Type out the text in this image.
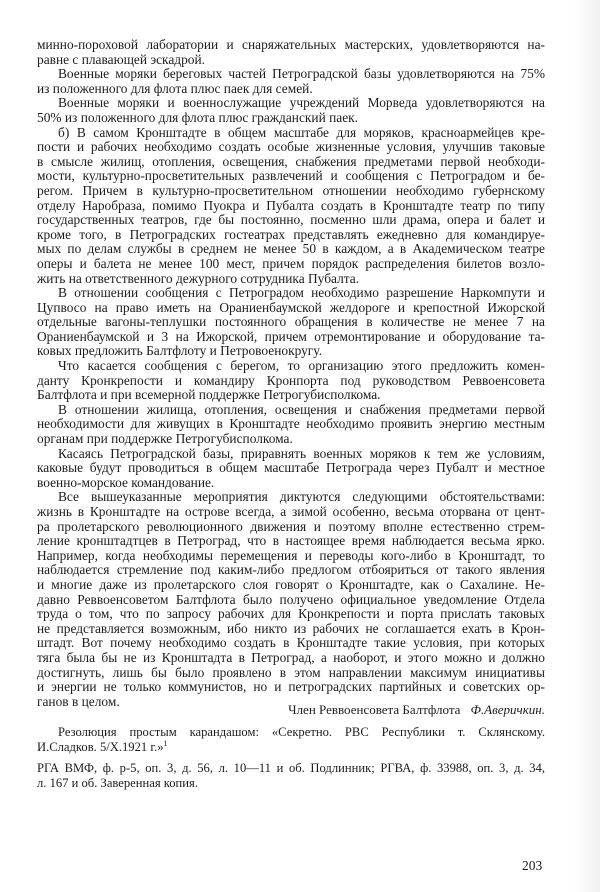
минно-пороховой лаборатории и снаряжательных мастерских, удовлетворяются на-
равне с плавающей эскадрой.
Военные моряки береговых частей Петроградской базы удовлетворяются на 75%
из положенного для флота плюс паек для семей.
Военные моряки и военнослужащие учреждений Морведа удовлетворяются на
50% из положенного для флота плюс гражданский паек.
б) В самом Кронштадте в общем масштабе для моряков, красноармейцев кре-
пости и рабочих необходимо создать особые жизненные условия, улучшив таковые
в смысле жилищ, отопления, освещения, снабжения предметами первой необходи-
мости, культурно-просветительных развлечений и сообщения с Петроградом и бе-
регом. Причем в культурно-просветительном отношении необходимо губернскому
отделу Наробраза, помимо Пуокра и Пубалта создать в Кронштадте театр по типу
государственных театров, где бы постоянно, посменно шли драма, опера и балет и
кроме того, в Петроградских гостеатрах представлять ежедневно для командируе-
мых по делам службы в среднем не менее 50 в каждом, а в Академическом театре
оперы и балета не менее 100 мест, причем порядок распределения билетов возло-
жить на ответственного дежурного сотрудника Пубалта.
В отношении сообщения с Петроградом необходимо разрешение Наркомпути и
Цупвосо на право иметь на Ораниенбаумской желдороге и крепостной Ижорской
отдельные вагоны-теплушки постоянного обращения в количестве не менее 7 на
Ораниенбаумской и 3 на Ижорской, причем отремонтирование и оборудование та-
ковых предложить Балтфлоту и Петровоенокругу.
Что касается сообщения с берегом, то организацию этого предложить комен-
данту Кронкрепости и командиру Кронпорта под руководством Реввоенсовета
Балтфлота и при всемерной поддержке Петрогубисполкома.
В отношении жилища, отопления, освещения и снабжения предметами первой
необходимости для живущих в Кронштадте необходимо проявить энергию местным
органам при поддержке Петрогубисполкома.
Касаясь Петроградской базы, приравнять военных моряков к тем же условиям,
каковые будут проводиться в общем масштабе Петрограда через Пубалт и местное
военно-морское командование.
Все вышеуказанные мероприятия диктуются следующими обстоятельствами:
жизнь в Кронштадте на острове всегда, а зимой особенно, весьма оторвана от цент-
ра пролетарского революционного движения и поэтому вполне естественно стрем-
ление кронштадтцев в Петроград, что в настоящее время наблюдается весьма ярко.
Например, когда необходимы перемещения и переводы кого-либо в Кронштадт, то
наблюдается стремление под каким-либо предлогом отбояриться от такого явления
и многие даже из пролетарского слоя говорят о Кронштадте, как о Сахалине. Не-
давно Реввоенсоветом Балтфлота было получено официальное уведомление Отдела
труда о том, что по запросу рабочих для Кронкрепости и порта прислать таковых
не представляется возможным, ибо никто из рабочих не соглашается ехать в Крон-
штадт. Вот почему необходимо создать в Кронштадте такие условия, при которых
тяга была бы не из Кронштадта в Петроград, а наоборот, и этого можно и должно
достигнуть, лишь бы было проявлено в этом направлении максимум инициативы
и энергии не только коммунистов, но и петроградских партийных и советских ор-
ганов в целом.
Член Реввоенсовета Балтфлота Ф.Аверичкин.
Резолюция простым карандашом: «Секретно. РВС Республики т. Склянскому.
И.Сладков. 5/X.1921 г.»$^1$
РГА ВМФ, ф. р-5, оп. 3, д. 56, л. 10—11 и об. Подлинник; РГВА, ф. 33988, оп. 3, д. 34,
л. 167 и об. Заверенная копия.
203
